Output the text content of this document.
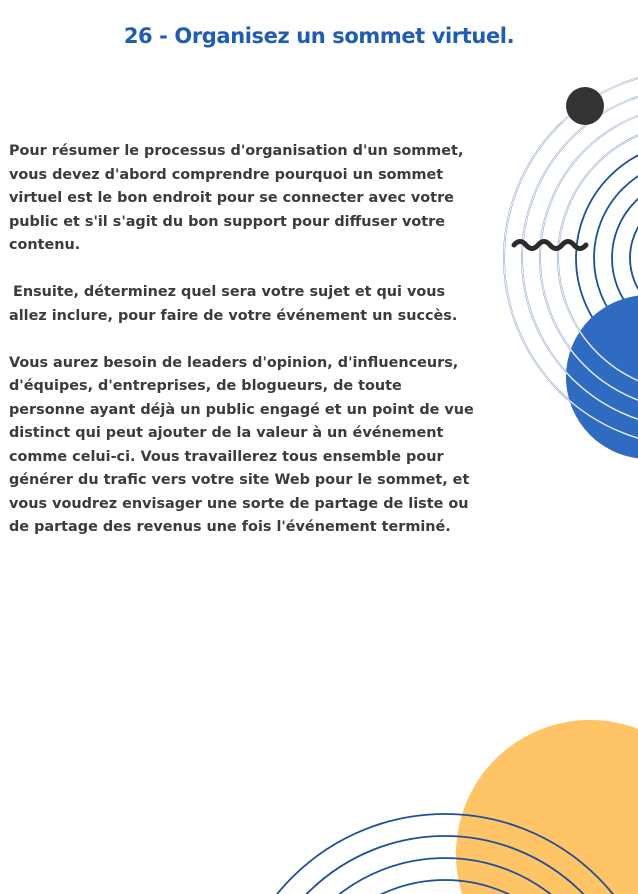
26 - Organisez un sommet virtuel.

Pour résumer le processus d'organisation d'un sommet, vous devez d'abord comprendre pourquoi un sommet virtuel est le bon endroit pour se connecter avec votre public et s'il s'agit du bon support pour diffuser votre contenu.

Ensuite, déterminez quel sera votre sujet et qui vous allez inclure, pour faire de votre événement un succès.

Vous aurez besoin de leaders d'opinion, d'influenceurs, d'équipes, d'entreprises, de blogueurs, de toute personne ayant déjà un public engagé et un point de vue distinct qui peut ajouter de la valeur à un événement comme celui-ci. Vous travaillerez tous ensemble pour générer du trafic vers votre site Web pour le sommet, et vous voudrez envisager une sorte de partage de liste ou de partage des revenus une fois l'événement terminé.
